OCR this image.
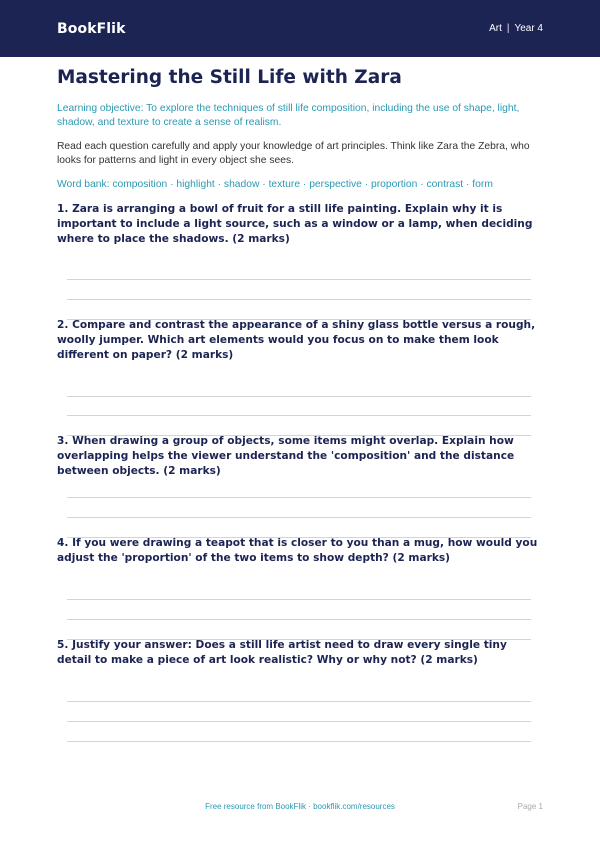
BookFlik	Art | Year 4
Mastering the Still Life with Zara
Learning objective: To explore the techniques of still life composition, including the use of shape, light, shadow, and texture to create a sense of realism.
Read each question carefully and apply your knowledge of art principles. Think like Zara the Zebra, who looks for patterns and light in every object she sees.
Word bank: composition · highlight · shadow · texture · perspective · proportion · contrast · form
1. Zara is arranging a bowl of fruit for a still life painting. Explain why it is important to include a light source, such as a window or a lamp, when deciding where to place the shadows. (2 marks)
2. Compare and contrast the appearance of a shiny glass bottle versus a rough, woolly jumper. Which art elements would you focus on to make them look different on paper? (2 marks)
3. When drawing a group of objects, some items might overlap. Explain how overlapping helps the viewer understand the 'composition' and the distance between objects. (2 marks)
4. If you were drawing a teapot that is closer to you than a mug, how would you adjust the 'proportion' of the two items to show depth? (2 marks)
5. Justify your answer: Does a still life artist need to draw every single tiny detail to make a piece of art look realistic? Why or why not? (2 marks)
Free resource from BookFlik · bookflik.com/resources	Page 1
